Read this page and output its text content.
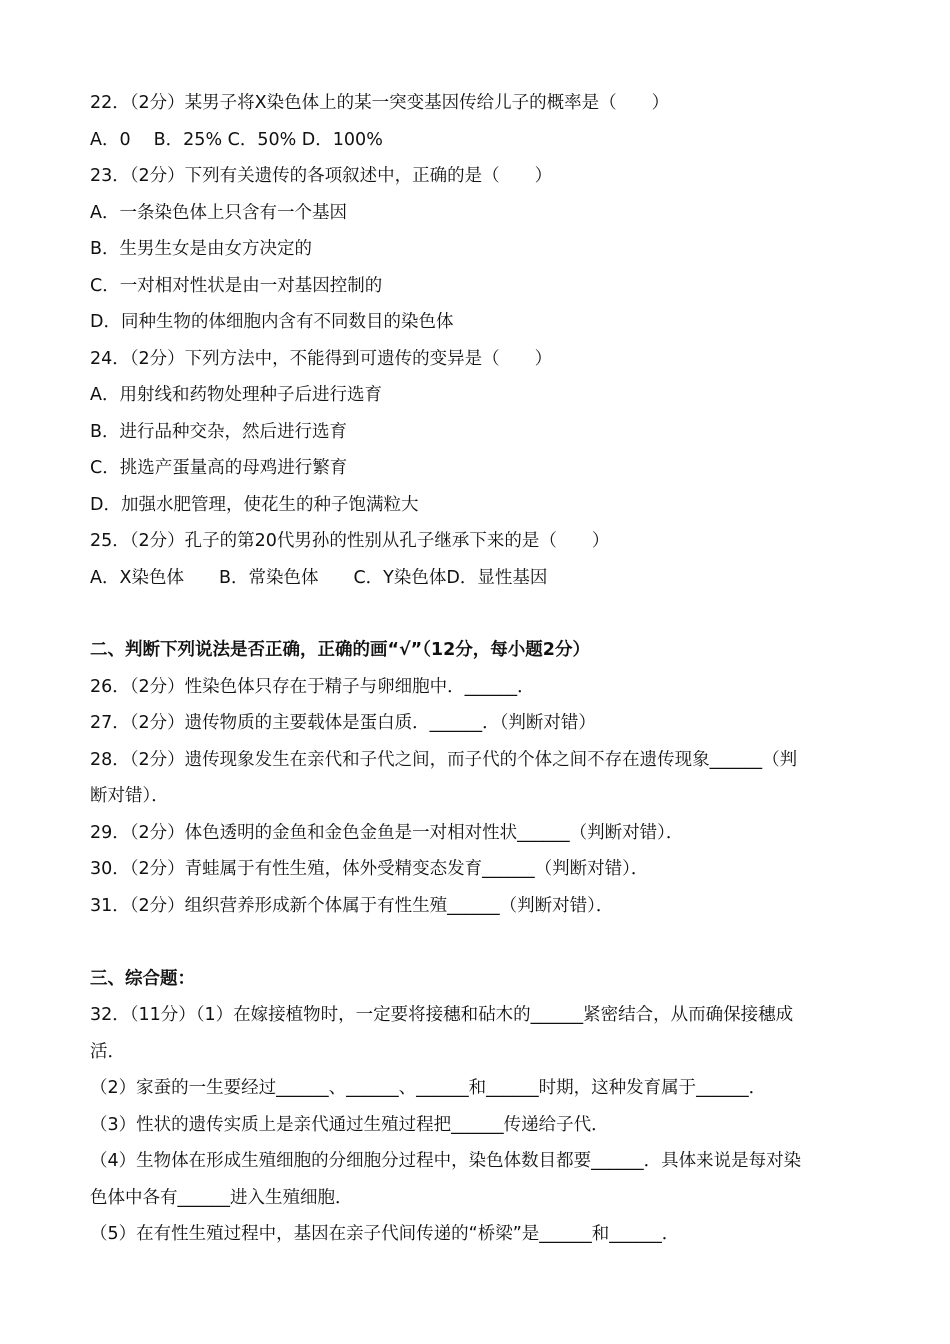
22．（2分）某男子将X染色体上的某一突变基因传给儿子的概率是（　　）
A．0　 B．25% C．50% D．100%
23．（2分）下列有关遗传的各项叙述中，正确的是（　　）
A．一条染色体上只含有一个基因
B．生男生女是由女方决定的
C．一对相对性状是由一对基因控制的
D．同种生物的体细胞内含有不同数目的染色体
24．（2分）下列方法中，不能得到可遗传的变异是（　　）
A．用射线和药物处理种子后进行选育
B．进行品种交杂，然后进行选育
C．挑选产蛋量高的母鸡进行繁育
D．加强水肥管理，使花生的种子饱满粒大
25．（2分）孔子的第20代男孙的性别从孔子继承下来的是（　　）
A．X染色体　　B．常染色体　　C．Y染色体D．显性基因
二、判断下列说法是否正确，正确的画“√”（12分，每小题2分）
26．（2分）性染色体只存在于精子与卵细胞中．______．
27．（2分）遗传物质的主要载体是蛋白质．______．（判断对错）
28．（2分）遗传现象发生在亲代和子代之间，而子代的个体之间不存在遗传现象______（判
断对错）．
29．（2分）体色透明的金鱼和金色金鱼是一对相对性状______（判断对错）．
30．（2分）青蛙属于有性生殖，体外受精变态发育______（判断对错）．
31．（2分）组织营养形成新个体属于有性生殖______（判断对错）．
三、综合题：
32．（11分）（1）在嫁接植物时，一定要将接穗和砧木的______紧密结合，从而确保接穗成
活．
（2）家蚕的一生要经过______、______、______和______时期，这种发育属于______．
（3）性状的遗传实质上是亲代通过生殖过程把______传递给子代．
（4）生物体在形成生殖细胞的分细胞分过程中，染色体数目都要______．具体来说是每对染
色体中各有______进入生殖细胞．
（5）在有性生殖过程中，基因在亲子代间传递的“桥梁”是______和______．
